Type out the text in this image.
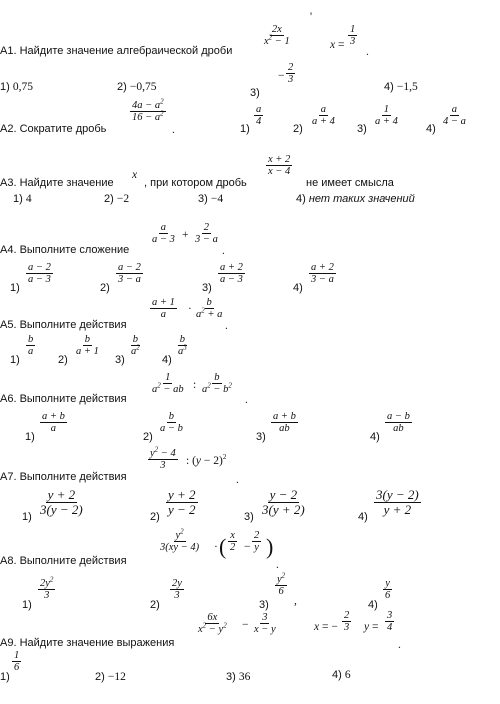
A1. Найдите значение алгебраической дроби
$\frac{2x}{x^2 - 1}$
'
$x = \frac{1}{3}$
.
1) 0,75	2) −0,75	3)
− $\frac{2}{3}$
4) −1,5
A2. Сократите дробь
$\frac{4a - a^2}{16 - a^2}$
.	1)
$\frac{a}{4}$
2)
$\frac{a}{a + 4}$
3)
$\frac{1}{a + 4}$
4)
$\frac{a}{4 - a}$
A3. Найдите значение
x
, при котором дробь
$\frac{x + 2}{x - 4}$
не имеет смысла
1) 4	2) −2	3) −4	4) нет таких значений
A4. Выполните сложение
$\frac{a}{a - 3} + \frac{2}{3 - a}$
.
1)
$\frac{a - 2}{a - 3}$
2)
$\frac{a - 2}{3 - a}$
3)
$\frac{a + 2}{a - 3}$
4)
$\frac{a + 2}{3 - a}$
A5. Выполните действия
$\frac{a + 1}{a} \cdot \frac{b}{a^2 + a}$
.
1)
$\frac{b}{a}$
2)
$\frac{b}{a + 1}$
3)
$\frac{b}{a^2}$
4)
$\frac{b}{a^3}$
A6. Выполните действия
$\frac{1}{a^2 - ab}$ : $\frac{b}{a^2 - b^2}$
.
1)
$\frac{a + b}{a}$
2)
$\frac{b}{a - b}$
3)
$\frac{a + b}{ab}$
4)
$\frac{a - b}{ab}$
A7. Выполните действия
$\frac{y^2 - 4}{3}$ : $(y - 2)^2$
.
1)
$\frac{y + 2}{3(y - 2)}$
2)
$\frac{y + 2}{y - 2}$
3)
$\frac{y - 2}{3(y + 2)}$
4)
$\frac{3(y - 2)}{y + 2}$
A8. Выполните действия
$\frac{y^2}{3(xy - 4)}$ · ( $\frac{x}{2} - \frac{2}{y}$ )
.
1)
$\frac{2y^2}{3}$
2)
$\frac{2y}{3}$
3)
$\frac{y^2}{6}$
,	4)
$\frac{y}{6}$
A9. Найдите значение выражения
$\frac{6x}{x^2 - y^2} - \frac{3}{x - y}$	x = − $\frac{2}{3}$ $y = \frac{3}{4}$
.
1)
$\frac{1}{6}$
2) −12	3) 36	4) 6
